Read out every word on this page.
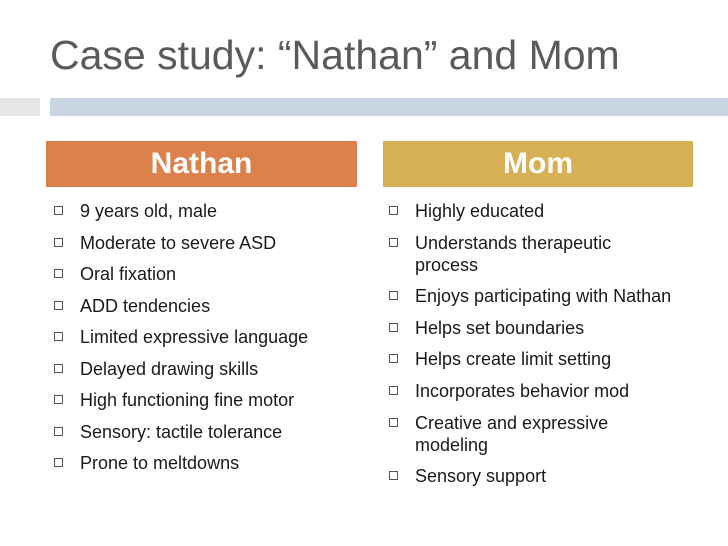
Case study: “Nathan” and Mom
Nathan	Mom
9 years old, male
Moderate to severe ASD
Oral fixation
ADD tendencies
Limited expressive language
Delayed drawing skills
High functioning fine motor
Sensory: tactile tolerance
Prone to meltdowns
Highly educated
Understands therapeutic process
Enjoys participating with Nathan
Helps set boundaries
Helps create limit setting
Incorporates behavior mod
Creative and expressive modeling
Sensory support
